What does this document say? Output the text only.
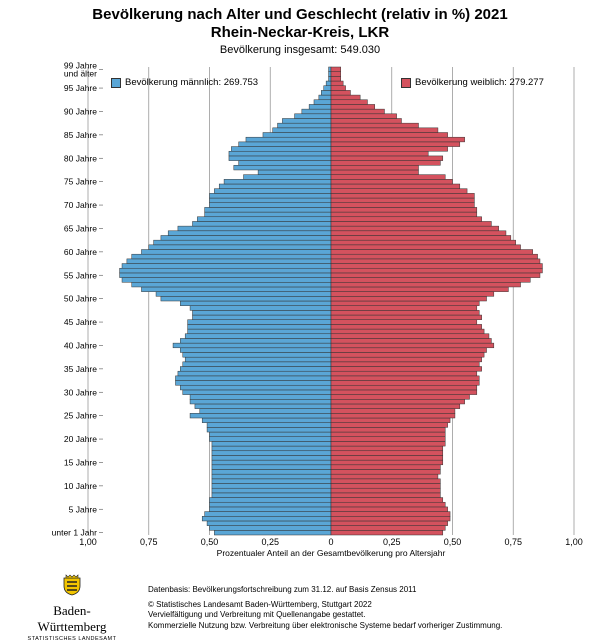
Bevölkerung nach Alter und Geschlecht (relativ in %) 2021
Rhein-Neckar-Kreis, LKR
Bevölkerung insgesamt: 549.030
unter 1 Jahr
5 Jahre
10 Jahre
15 Jahre
20 Jahre
25 Jahre
30 Jahre
35 Jahre
40 Jahre
45 Jahre
50 Jahre
55 Jahre
60 Jahre
65 Jahre
70 Jahre
75 Jahre
80 Jahre
85 Jahre
90 Jahre
95 Jahre
99 Jahre und älter
1,00	0,75	0,50	0,25	0	0,25	0,50	0,75	1,00
Prozentualer Anteil an der Gesamtbevölkerung pro Altersjahr
Bevölkerung männlich: 269.753	Bevölkerung weiblich: 279.277
Baden-Württemberg
STATISTISCHES LANDESAMT
Datenbasis: Bevölkerungsfortschreibung zum 31.12. auf Basis Zensus 2011
© Statistisches Landesamt Baden-Württemberg, Stuttgart 2022
Vervielfältigung und Verbreitung mit Quellenangabe gestattet.
Kommerzielle Nutzung bzw. Verbreitung über elektronische Systeme bedarf vorheriger Zustimmung.
